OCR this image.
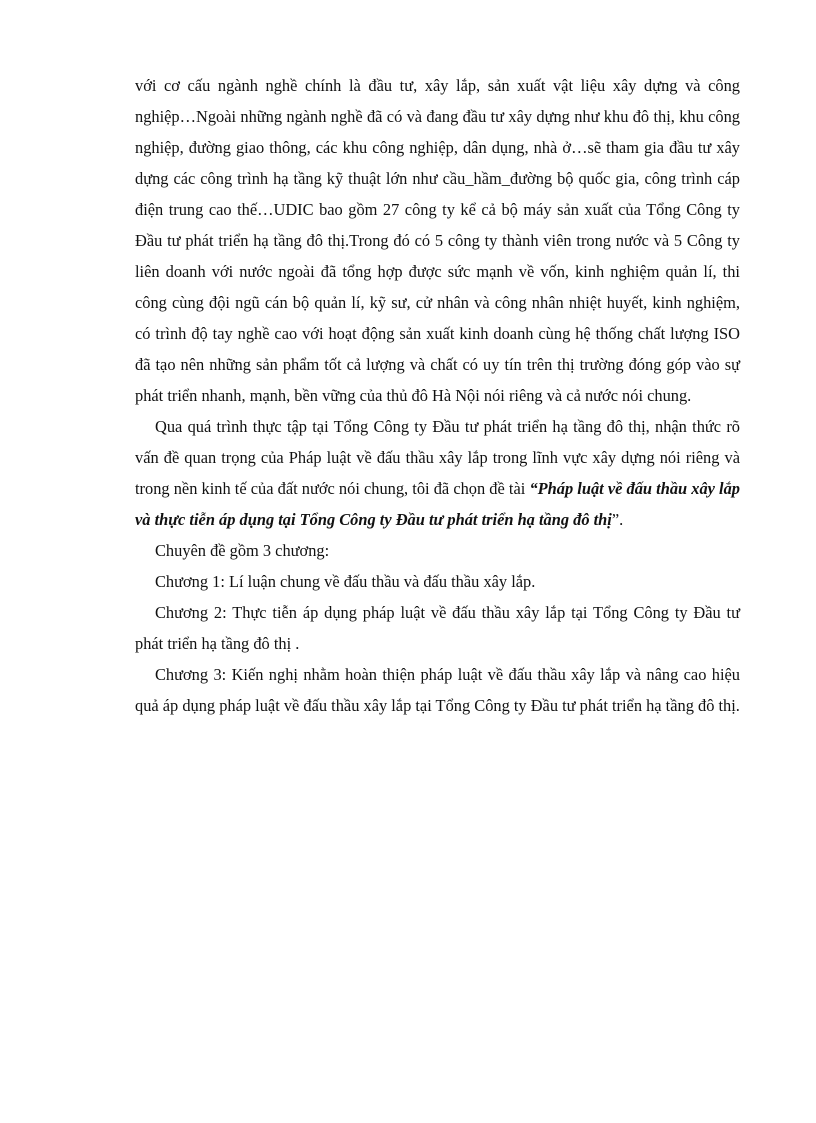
với cơ cấu ngành nghề chính là đầu tư, xây lắp, sản xuất vật liệu xây dựng và công nghiệp…Ngoài những ngành nghề đã có và đang đầu tư xây dựng như khu đô thị, khu công nghiệp, đường giao thông, các khu công nghiệp, dân dụng, nhà ở…sẽ tham gia đầu tư xây dựng các công trình hạ tầng kỹ thuật lớn như cầu_hầm_đường bộ quốc gia, công trình cáp điện trung cao thế…UDIC bao gồm 27 công ty kể cả bộ máy sản xuất của Tổng Công ty Đầu tư phát triển hạ tầng đô thị.Trong đó có 5 công ty thành viên trong nước và 5 Công ty liên doanh với nước ngoài đã tổng hợp được sức mạnh về vốn, kinh nghiệm quản lí, thi công cùng đội ngũ cán bộ quản lí, kỹ sư, cử nhân và công nhân nhiệt huyết, kinh nghiệm, có trình độ tay nghề cao với hoạt động sản xuất kinh doanh cùng hệ thống chất lượng ISO đã tạo nên những sản phẩm tốt cả lượng và chất có uy tín trên thị trường đóng góp vào sự phát triển nhanh, mạnh, bền vững của thủ đô Hà Nội nói riêng và cả nước nói chung.

Qua quá trình thực tập tại Tổng Công ty Đầu tư phát triển hạ tầng đô thị, nhận thức rõ vấn đề quan trọng của Pháp luật về đấu thầu xây lắp trong lĩnh vực xây dựng nói riêng và trong nền kinh tế của đất nước nói chung, tôi đã chọn đề tài “Pháp luật về đấu thầu xây lắp và thực tiễn áp dụng tại Tổng Công ty Đầu tư phát triển hạ tầng đô thị”.

Chuyên đề gồm 3 chương:

Chương 1: Lí luận chung về đấu thầu và đấu thầu xây lắp.

Chương 2: Thực tiễn áp dụng pháp luật về đấu thầu xây lắp tại Tổng Công ty Đầu tư phát triển hạ tầng đô thị .

Chương 3: Kiến nghị nhằm hoàn thiện pháp luật về đấu thầu xây lắp và nâng cao hiệu quả áp dụng pháp luật về đấu thầu xây lắp tại Tổng Công ty Đầu tư phát triển hạ tầng đô thị.
